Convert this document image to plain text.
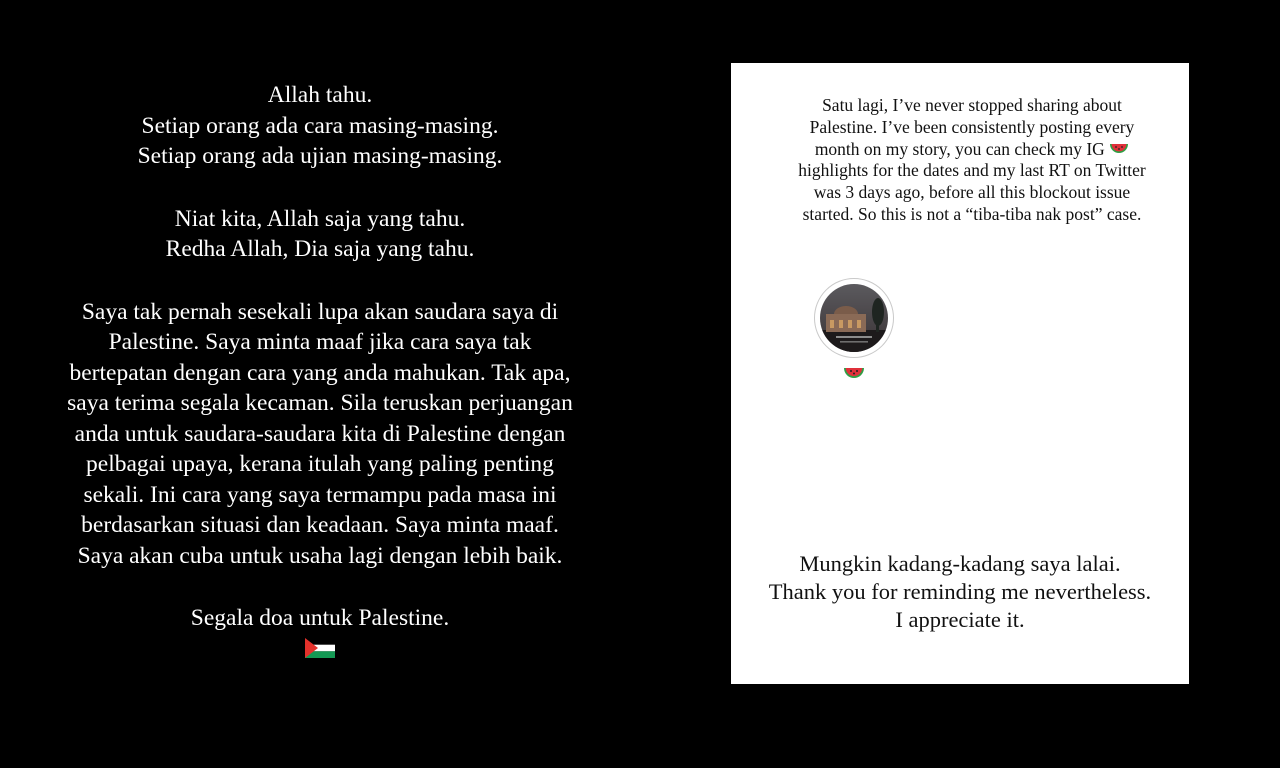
Allah tahu.
Setiap orang ada cara masing-masing.
Setiap orang ada ujian masing-masing.

Niat kita, Allah saja yang tahu.
Redha Allah, Dia saja yang tahu.

Saya tak pernah sesekali lupa akan saudara saya di
Palestine. Saya minta maaf jika cara saya tak
bertepatan dengan cara yang anda mahukan. Tak apa,
saya terima segala kecaman. Sila teruskan perjuangan
anda untuk saudara-saudara kita di Palestine dengan
pelbagai upaya, kerana itulah yang paling penting
sekali. Ini cara yang saya termampu pada masa ini
berdasarkan situasi dan keadaan. Saya minta maaf.
Saya akan cuba untuk usaha lagi dengan lebih baik.

Segala doa untuk Palestine.

Satu lagi, I’ve never stopped sharing about
Palestine. I’ve been consistently posting every
month on my story, you can check my IG
highlights for the dates and my last RT on Twitter
was 3 days ago, before all this blockout issue
started. So this is not a “tiba-tiba nak post” case.
Mungkin kadang-kadang saya lalai.
Thank you for reminding me nevertheless.
I appreciate it.
